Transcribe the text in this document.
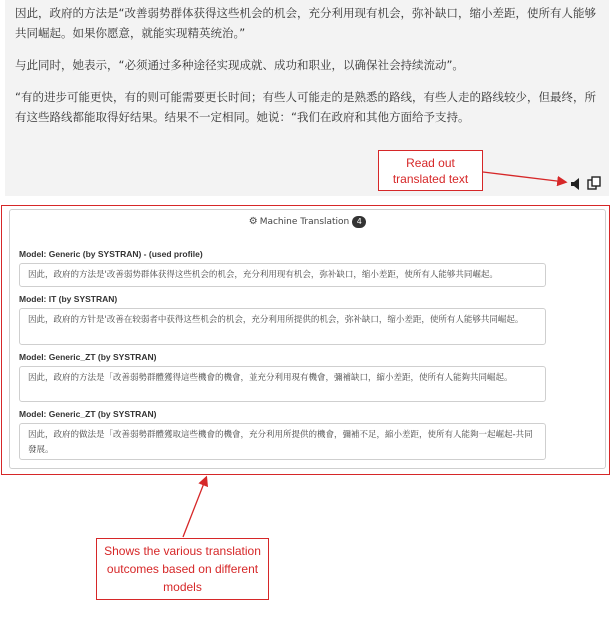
因此，政府的方法是“改善弱势群体获得这些机会的机会，充分利用现有机会，弥补缺口，缩小差距，使所有人能够共同崛起。如果你愿意，就能实现精英统治。”

与此同时，她表示，“必须通过多种途径实现成就、成功和职业，以确保社会持续流动”。

“有的进步可能更快，有的则可能需要更长时间；有些人可能走的是熟悉的路线，有些人走的路线较少，但最终，所有这些路线都能取得好结果。结果不一定相同。她说：“我们在政府和其他方面给予支持。

Read out translated text
⚙ Machine Translation 4
Model: Generic (by SYSTRAN) - (used profile)
因此，政府的方法是'改善弱势群体获得这些机会的机会，充分利用现有机会，弥补缺口，缩小差距，使所有人能够共同崛起。
Model: IT (by SYSTRAN)
因此，政府的方针是'改善在较弱者中获得这些机会的机会，充分利用所提供的机会，弥补缺口，缩小差距，使所有人能够共同崛起。
Model: Generic_ZT (by SYSTRAN)
因此，政府的方法是「改善弱勢群體獲得這些機會的機會，並充分利用現有機會，彌補缺口，縮小差距，使所有人能夠共同崛起。
Model: Generic_ZT (by SYSTRAN)
因此，政府的做法是「改善弱勢群體獲取這些機會的機會，充分利用所提供的機會，彌補不足，縮小差距，使所有人能夠一起崛起-共同發展。
Shows the various translation outcomes based on different models
